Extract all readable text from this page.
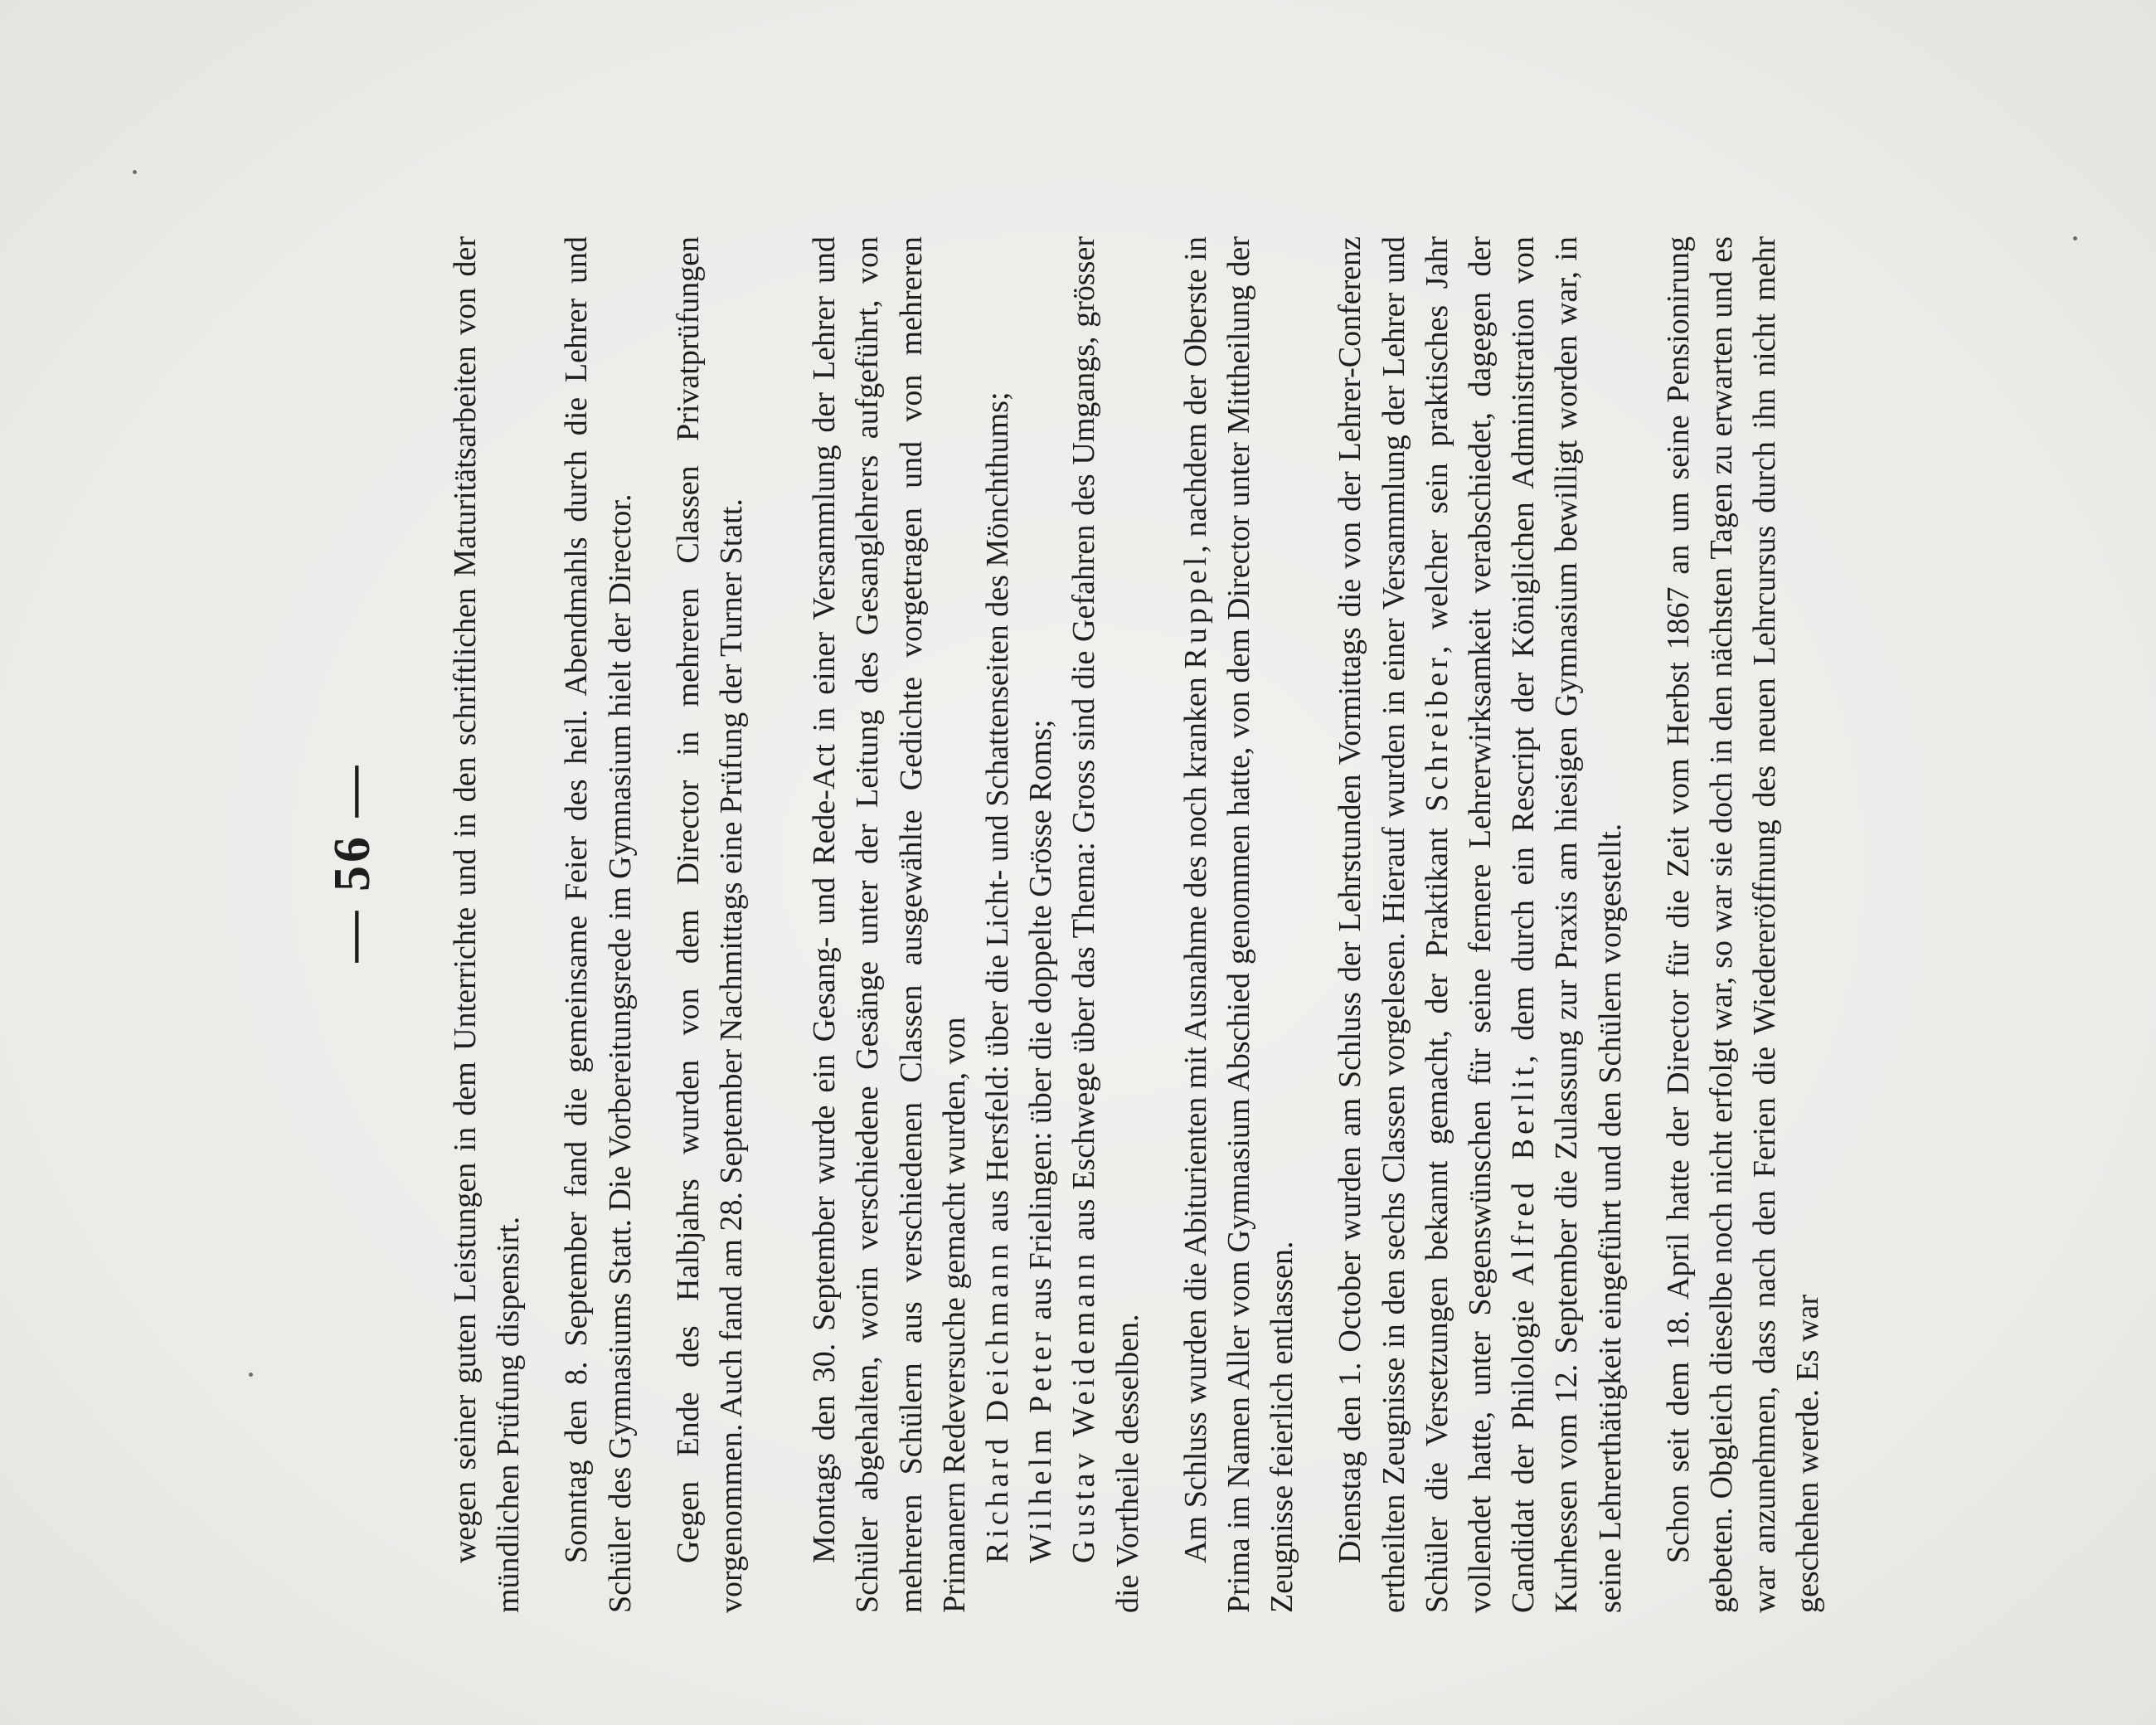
— 56 — wegen seiner guten Leistungen in dem Unterrichte und in den schriftlichen Maturitätsarbeiten von der mündlichen Prüfung dispensirt. Sonntag den 8. September fand die gemeinsame Feier des heil. Abendmahls durch die Lehrer und Schüler des Gymnasiums Statt. Die Vorbereitungsrede im Gymnasium hielt der Director. Gegen Ende des Halbjahrs wurden von dem Director in mehreren Classen Privatprüfungen vorgenommen. Auch fand am 28. September Nachmittags eine Prüfung der Turner Statt. Montags den 30. September wurde ein Gesang- und Rede-Act in einer Versammlung der Lehrer und Schüler abgehalten, worin verschiedene Gesänge unter der Leitung des Gesanglehrers aufgeführt, von mehreren Schülern aus verschiedenen Classen ausgewählte Gedichte vorgetragen und von mehreren Primanern Redeversuche gemacht wurden, von Richard Deichmann aus Hersfeld: über die Licht- und Schattenseiten des Mönchthums;

Wilhelm Peter aus Frielingen: über die doppelte Grösse Roms;

Gustav Weidemann aus Eschwege über das Thema: Gross sind die Gefahren des Umgangs, grösser die Vortheile desselben. Am Schluss wurden die Abiturienten mit Ausnahme des noch kranken Ruppel, nachdem der Oberste in Prima im Namen Aller vom Gymnasium Abschied genommen hatte, von dem Director unter Mittheilung der Zeugnisse feierlich entlassen. Dienstag den 1. October wurden am Schluss der Lehrstunden Vormittags die von der Lehrer-Conferenz ertheilten Zeugnisse in den sechs Classen vorgelesen. Hierauf wurden in einer Versammlung der Lehrer und Schüler die Versetzungen bekannt gemacht, der Praktikant Schreiber, welcher sein praktisches Jahr vollendet hatte, unter Segenswünschen für seine fernere Lehrerwirksamkeit verabschiedet, dagegen der Candidat der Philologie Alfred Berlit, dem durch ein Rescript der Königlichen Administration von Kurhessen vom 12. September die Zulassung zur Praxis am hiesigen Gymnasium bewilligt worden war, in seine Lehrerthätigkeit eingeführt und den Schülern vorgestellt. Schon seit dem 18. April hatte der Director für die Zeit vom Herbst 1867 an um seine Pensionirung gebeten. Obgleich dieselbe noch nicht erfolgt war, so war sie doch in den nächsten Tagen zu erwarten und es war anzunehmen, dass nach den Ferien die Wiedereröffnung des neuen Lehrcursus durch ihn nicht mehr geschehen werde. Es war
